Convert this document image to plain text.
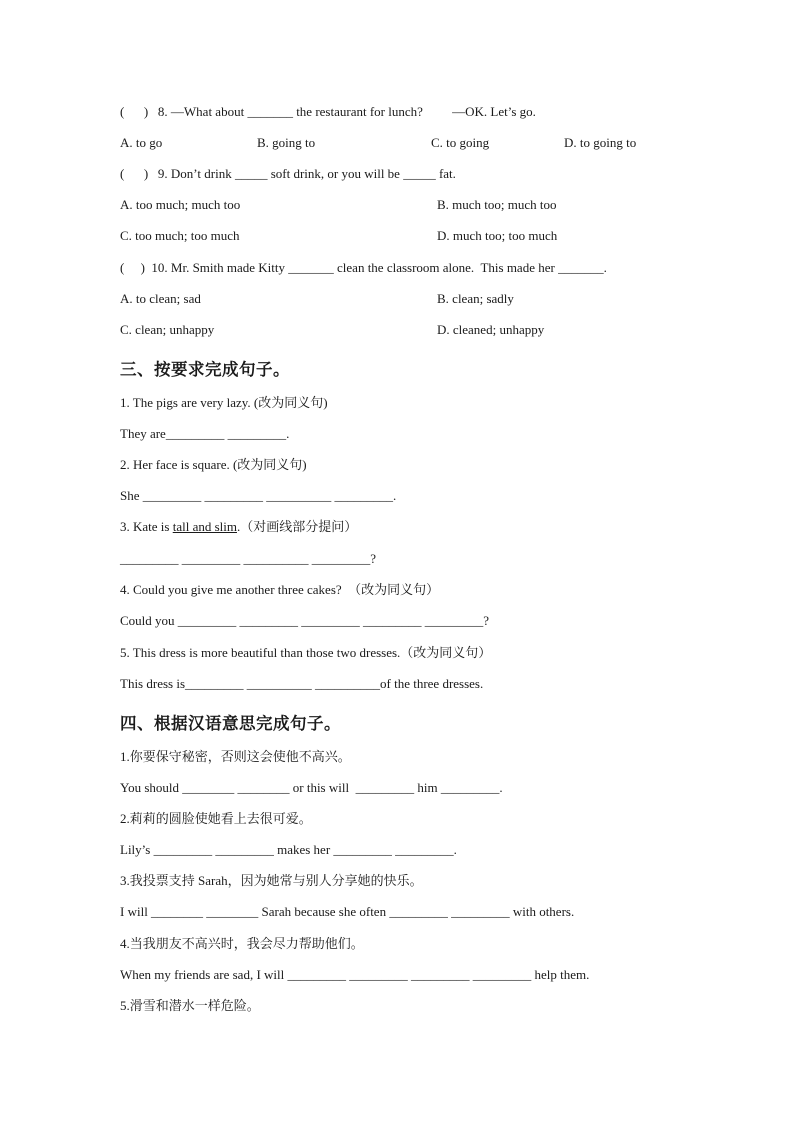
(      )   8. —What about _______ the restaurant for lunch?         —OK. Let’s go.
A. to go	B. going to	C. to going	D. to going to
(      )   9. Don’t drink _____ soft drink, or you will be _____ fat.
A. too much; much too	B. much too; much too
C. too much; too much	D. much too; too much
(     )  10. Mr. Smith made Kitty _______ clean the classroom alone.  This made her _______.
A. to clean; sad	B. clean; sadly
C. clean; unhappy	D. cleaned; unhappy
三、按要求完成句子。
1. The pigs are very lazy. (改为同义句)
They are_________ _________.
2. Her face is square. (改为同义句)
She _________ _________ __________ _________.
3. Kate is tall and slim.（对画线部分提问）
_________ _________ __________ _________?
4. Could you give me another three cakes?  （改为同义句）
Could you _________ _________ _________ _________ _________?
5. This dress is more beautiful than those two dresses.（改为同义句）
This dress is_________ __________ __________of the three dresses.
四、根据汉语意思完成句子。
1.你要保守秘密，否则这会使他不高兴。
You should ________ ________ or this will  _________ him _________.
2.莉莉的圆脸使她看上去很可爱。
Lily’s _________ _________ makes her _________ _________.
3.我投票支持 Sarah，因为她常与别人分享她的快乐。
I will ________ ________ Sarah because she often _________ _________ with others.
4.当我朋友不高兴时，我会尽力帮助他们。
When my friends are sad, I will _________ _________ _________ _________ help them.
5.滑雪和潜水一样危险。
